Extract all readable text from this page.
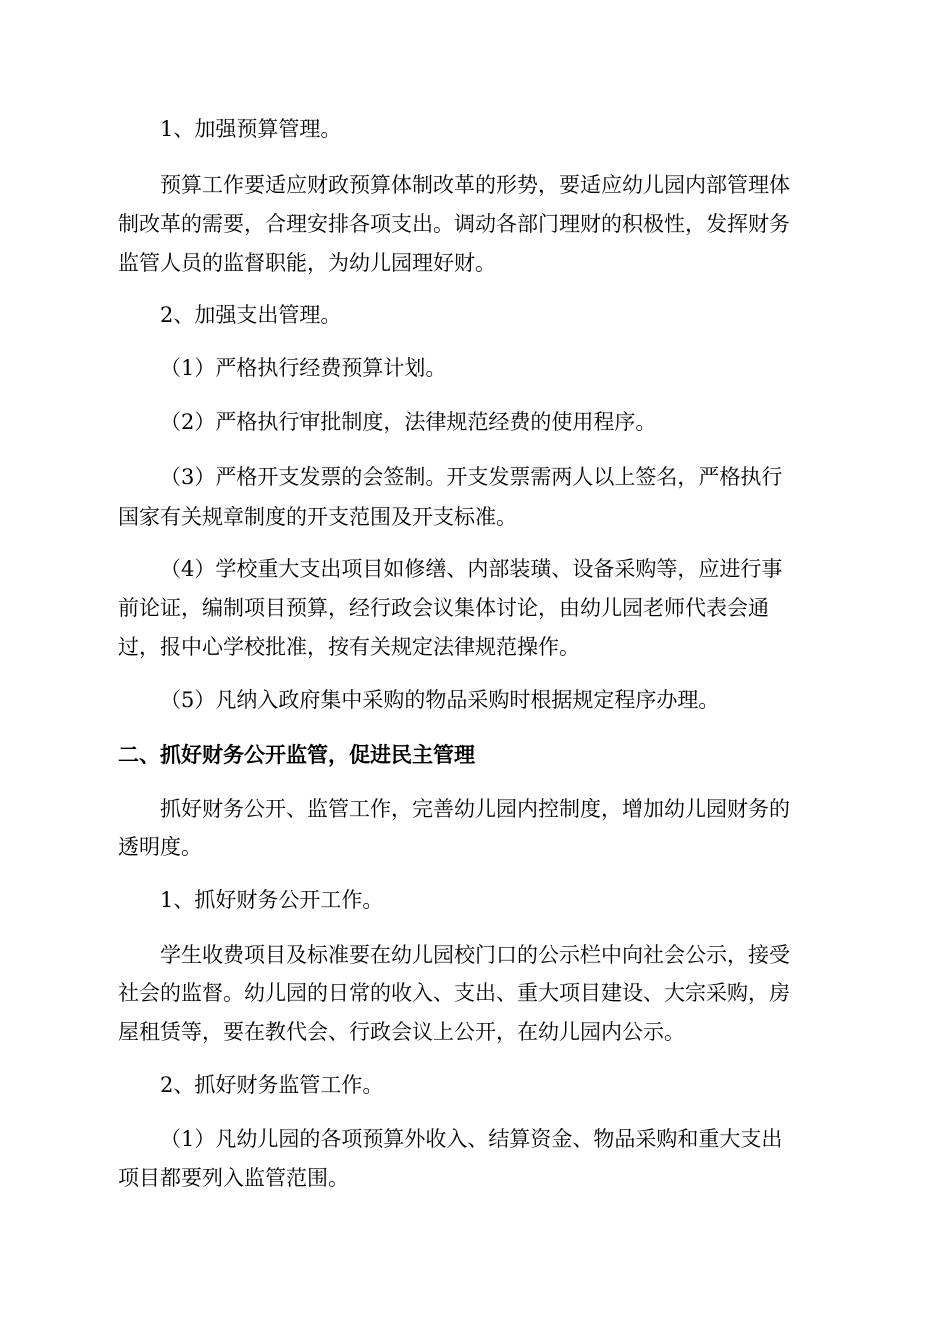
1、加强预算管理。
预算工作要适应财政预算体制改革的形势，要适应幼儿园内部管理体
制改革的需要，合理安排各项支出。调动各部门理财的积极性，发挥财务
监管人员的监督职能，为幼儿园理好财。
2、加强支出管理。
（1）严格执行经费预算计划。
（2）严格执行审批制度，法律规范经费的使用程序。
（3）严格开支发票的会签制。开支发票需两人以上签名，严格执行
国家有关规章制度的开支范围及开支标准。
（4）学校重大支出项目如修缮、内部装璜、设备采购等，应进行事
前论证，编制项目预算，经行政会议集体讨论，由幼儿园老师代表会通
过，报中心学校批准，按有关规定法律规范操作。
（5）凡纳入政府集中采购的物品采购时根据规定程序办理。
二、抓好财务公开监管，促进民主管理
抓好财务公开、监管工作，完善幼儿园内控制度，增加幼儿园财务的
透明度。
1、抓好财务公开工作。
学生收费项目及标准要在幼儿园校门口的公示栏中向社会公示，接受
社会的监督。幼儿园的日常的收入、支出、重大项目建设、大宗采购，房
屋租赁等，要在教代会、行政会议上公开，在幼儿园内公示。
2、抓好财务监管工作。
（1）凡幼儿园的各项预算外收入、结算资金、物品采购和重大支出
项目都要列入监管范围。
